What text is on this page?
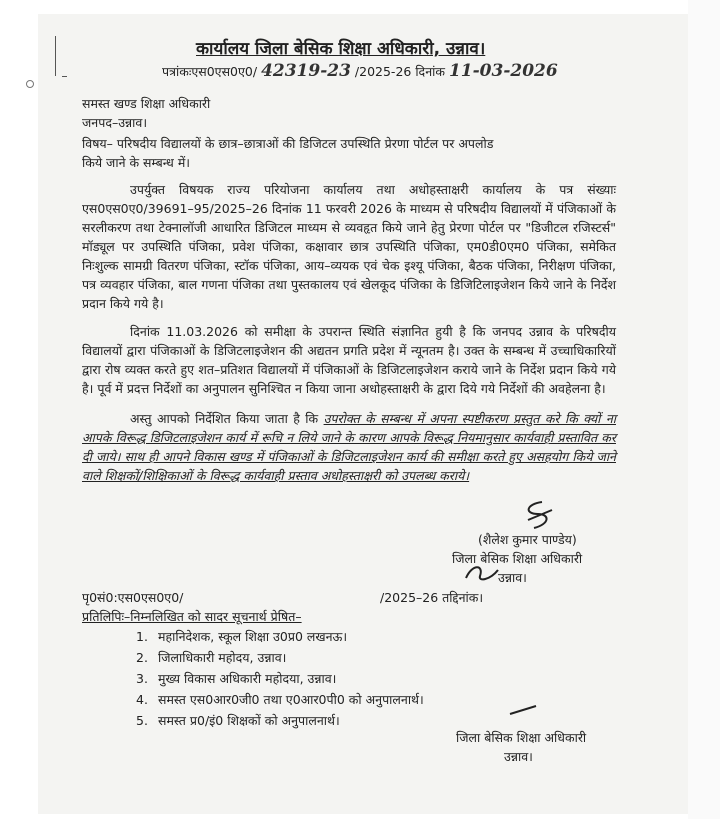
कार्यालय जिला बेसिक शिक्षा अधिकारी, उन्नाव।
पत्रांकःएस0एस0ए0/ 42319-23 /2025-26 दिनांक 11-03-2026
समस्त खण्ड शिक्षा अधिकारी
जनपद–उन्नाव।
विषय– परिषदीय विद्यालयों के छात्र–छात्राओं की डिजिटल उपस्थिति प्रेरणा पोर्टल पर अपलोड
किये जाने के सम्बन्ध में।
उपर्युक्त विषयक राज्य परियोजना कार्यालय तथा अधोहस्ताक्षरी कार्यालय के पत्र संख्याः एस0एस0ए0/39691–95/2025–26 दिनांक 11 फरवरी 2026 के माध्यम से परिषदीय विद्यालयों में पंजिकाओं के सरलीकरण तथा टेक्नालॉजी आधारित डिजिटल माध्यम से व्यवहृत किये जाने हेतु प्रेरणा पोर्टल पर "डिजीटल रजिस्टर्स" मॉड्यूल पर उपस्थिति पंजिका, प्रवेश पंजिका, कक्षावार छात्र उपस्थिति पंजिका, एम0डी0एम0 पंजिका, समेकित निःशुल्क सामग्री वितरण पंजिका, स्टॉक पंजिका, आय–व्ययक एवं चेक इश्यू पंजिका, बैठक पंजिका, निरीक्षण पंजिका, पत्र व्यवहार पंजिका, बाल गणना पंजिका तथा पुस्तकालय एवं खेलकूद पंजिका के डिजिटिलाइजेशन किये जाने के निर्देश प्रदान किये गये है।
दिनांक 11.03.2026 को समीक्षा के उपरान्त स्थिति संज्ञानित हुयी है कि जनपद उन्नाव के परिषदीय विद्यालयों द्वारा पंजिकाओं के डिजिटलाइजेशन की अद्यतन प्रगति प्रदेश में न्यूनतम है। उक्त के सम्बन्ध में उच्चाधिकारियों द्वारा रोष व्यक्त करते हुए शत–प्रतिशत विद्यालयों में पंजिकाओं के डिजिटलाइजेशन कराये जाने के निर्देश प्रदान किये गये है। पूर्व में प्रदत्त निर्देशों का अनुपालन सुनिश्चित न किया जाना अधोहस्ताक्षरी के द्वारा दिये गये निर्देशों की अवहेलना है।
अस्तु आपको निर्देशित किया जाता है कि उपरोक्त के सम्बन्ध में अपना स्पष्टीकरण प्रस्तुत करे कि क्यों ना आपके विरूद्ध डिजिटलाइजेशन कार्य में रूचि न लिये जाने के कारण आपके विरूद्ध नियमानुसार कार्यवाही प्रस्तावित कर दी जाये। साथ ही आपने विकास खण्ड में पंजिकाओं के डिजिटलाइजेशन कार्य की समीक्षा करते हुए असहयोग किये जाने वाले शिक्षकों/शिक्षिकाओं के विरूद्ध कार्यवाही प्रस्ताव अधोहस्ताक्षरी को उपलब्ध कराये।
(शैलेश कुमार पाण्डेय)
जिला बेसिक शिक्षा अधिकारी
उन्नाव।
पृ0सं0:एस0एस0ए0/	/2025–26 तद्दिनांक।
प्रतिलिपिः–निम्नलिखित को सादर सूचनार्थ प्रेषित–
1. महानिदेशक, स्कूल शिक्षा उ0प्र0 लखनऊ।
2. जिलाधिकारी महोदय, उन्नाव।
3. मुख्य विकास अधिकारी महोदया, उन्नाव।
4. समस्त एस0आर0जी0 तथा ए0आर0पी0 को अनुपालनार्थ।
5. समस्त प्र0/इं0 शिक्षकों को अनुपालनार्थ।
जिला बेसिक शिक्षा अधिकारी
उन्नाव।
